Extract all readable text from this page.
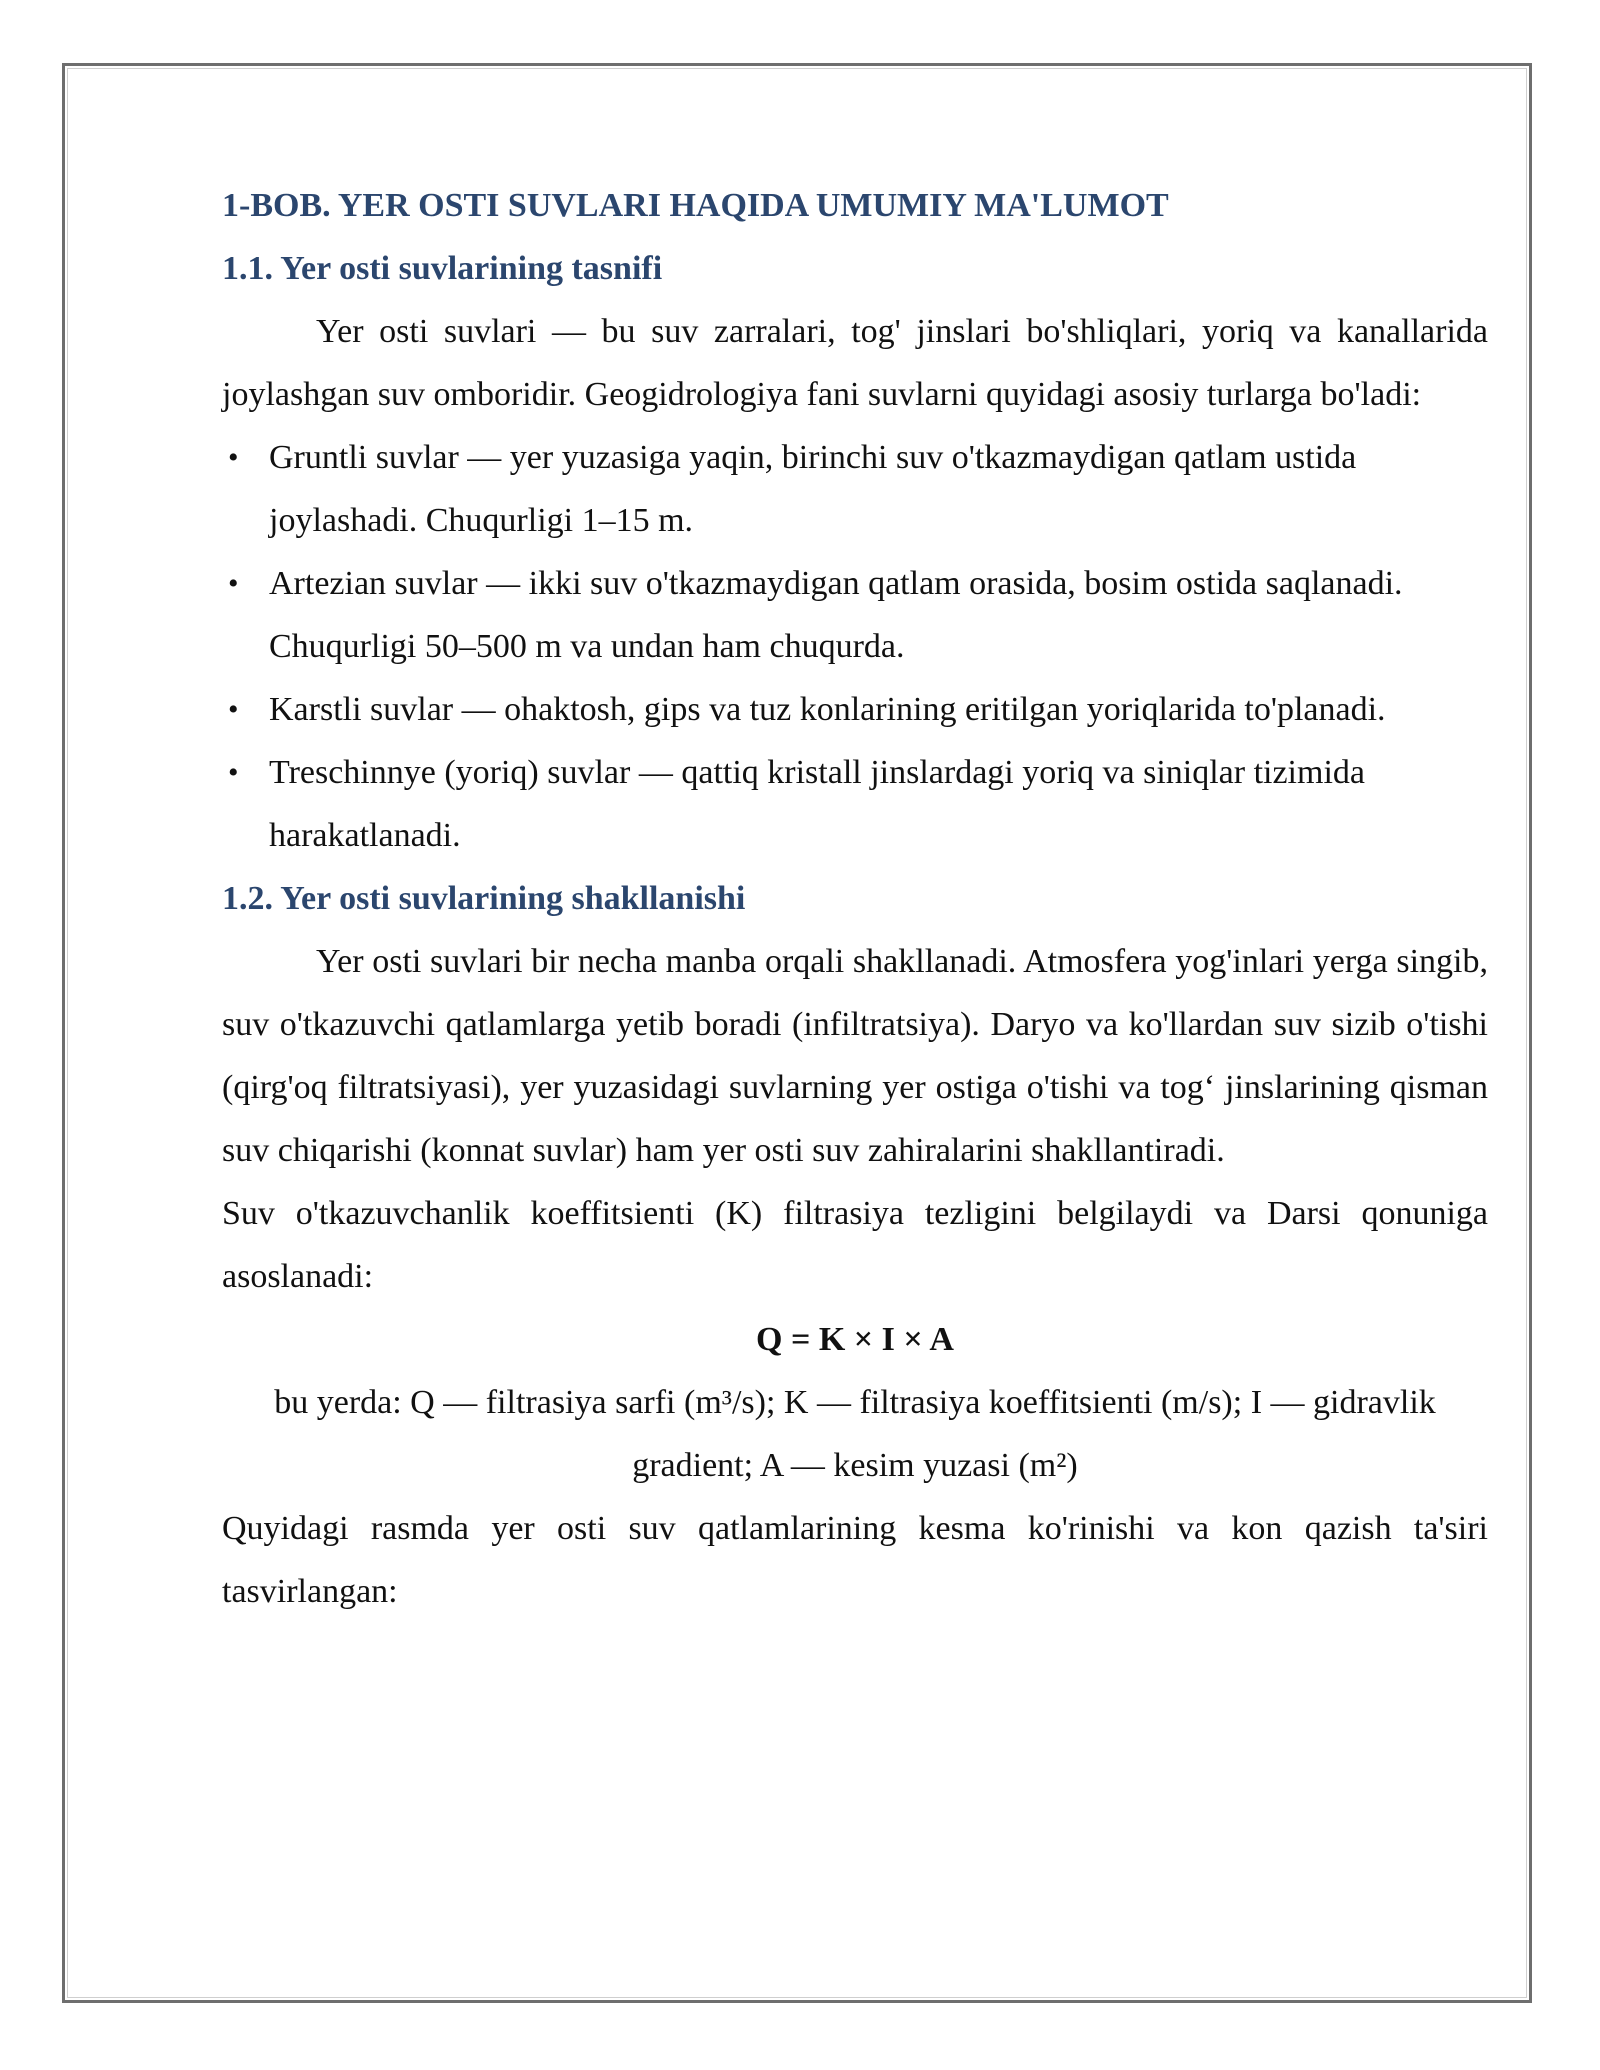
1-BOB. YER OSTI SUVLARI HAQIDA UMUMIY MA'LUMOT
1.1. Yer osti suvlarining tasnifi

Yer osti suvlari — bu suv zarralari, tog' jinslari bo'shliqlari, yoriq va kanallarida joylashgan suv omboridir. Geogidrologiya fani suvlarni quyidagi asosiy turlarga bo'ladi:

• Gruntli suvlar — yer yuzasiga yaqin, birinchi suv o'tkazmaydigan qatlam ustida joylashadi. Chuqurligi 1–15 m.
• Artezian suvlar — ikki suv o'tkazmaydigan qatlam orasida, bosim ostida saqlanadi. Chuqurligi 50–500 m va undan ham chuqurda.
• Karstli suvlar — ohaktosh, gips va tuz konlarining eritilgan yoriqlarida to'planadi.
• Treschinnye (yoriq) suvlar — qattiq kristall jinslardagi yoriq va siniqlar tizimida harakatlanadi.
1.2. Yer osti suvlarining shakllanishi

Yer osti suvlari bir necha manba orqali shakllanadi. Atmosfera yog'inlari yerga singib, suv o'tkazuvchi qatlamlarga yetib boradi (infiltratsiya). Daryo va ko'llardan suv sizib o'tishi (qirg'oq filtratsiyasi), yer yuzasidagi suvlarning yer ostiga o'tishi va tog‘ jinslarining qisman suv chiqarishi (konnat suvlar) ham yer osti suv zahiralarini shakllantiradi.

Suv o'tkazuvchanlik koeffitsienti (K) filtrasiya tezligini belgilaydi va Darsi qonuniga asoslanadi:

Q = K × I × A
bu yerda: Q — filtrasiya sarfi (m³/s); K — filtrasiya koeffitsienti (m/s); I — gidravlik
gradient; A — kesim yuzasi (m²)

Quyidagi rasmda yer osti suv qatlamlarining kesma ko'rinishi va kon qazish ta'siri tasvirlangan:
